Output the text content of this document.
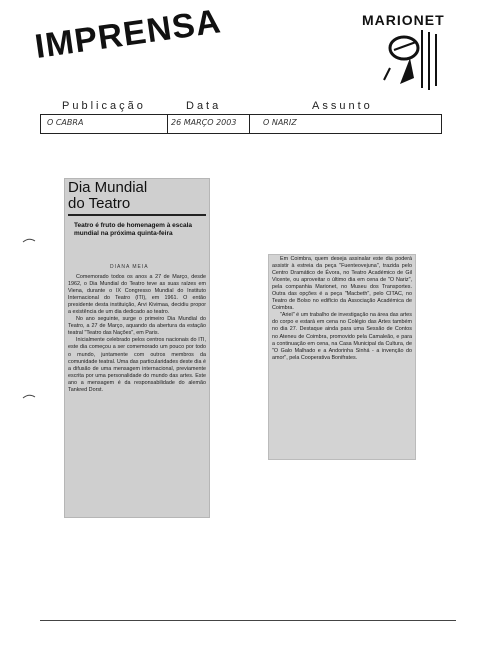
IMPRENSA	MARIONET
Publicação	Data	Assunto
O CABRA	26 MARÇO 2003	O NARIZ
Dia Mundial
do Teatro
Teatro é fruto de homenagem à escala mundial na próxima quinta-feira
DIANA MEIA

Comemorado todos os anos a 27 de Março, desde 1962, o Dia Mundial do Teatro teve as suas raízes em Viena, durante o IX Congresso Mundial do Instituto Internacional do Teatro (ITI), em 1961. O então presidente desta instituição, Arvi Kivimaa, decidiu propor a existência de um dia dedicado ao teatro.

No ano seguinte, surge o primeiro Dia Mundial do Teatro, a 27 de Março, aquando da abertura da estação teatral "Teatro das Nações", em Paris.

Inicialmente celebrado pelos centros nacionais do ITI, este dia começou a ser comemorado um pouco por todo o mundo, juntamente com outros membros da comunidade teatral. Uma das particularidades deste dia é a difusão de uma mensagem internacional, previamente escrita por uma personalidade do mundo das artes. Este ano a mensagem é da responsabilidade do alemão Tankred Dorst.

Em Coimbra, quem deseja assinalar este dia poderá assistir à estreia da peça "Fuenteovejuna", trazida pelo Centro Dramático de Évora, no Teatro Académico de Gil Vicente, ou aproveitar o último dia em cena de "O Nariz", pela companhia Marionet, no Museu dos Transportes. Outra das opções é a peça "Macbeth", pelo CITAC, no Teatro de Bolso no edifício da Associação Académica de Coimbra.

"Ariel" é um trabalho de investigação na área das artes do corpo e estará em cena no Colégio das Artes também no dia 27. Destaque ainda para uma Sessão de Contos no Ateneu de Coimbra, promovido pela Camaleão, e para a continuação em cena, na Casa Municipal da Cultura, de "O Galo Malhado e a Andorinha Sinhá - a invenção do amor", pela Cooperativa Bonifrates.
